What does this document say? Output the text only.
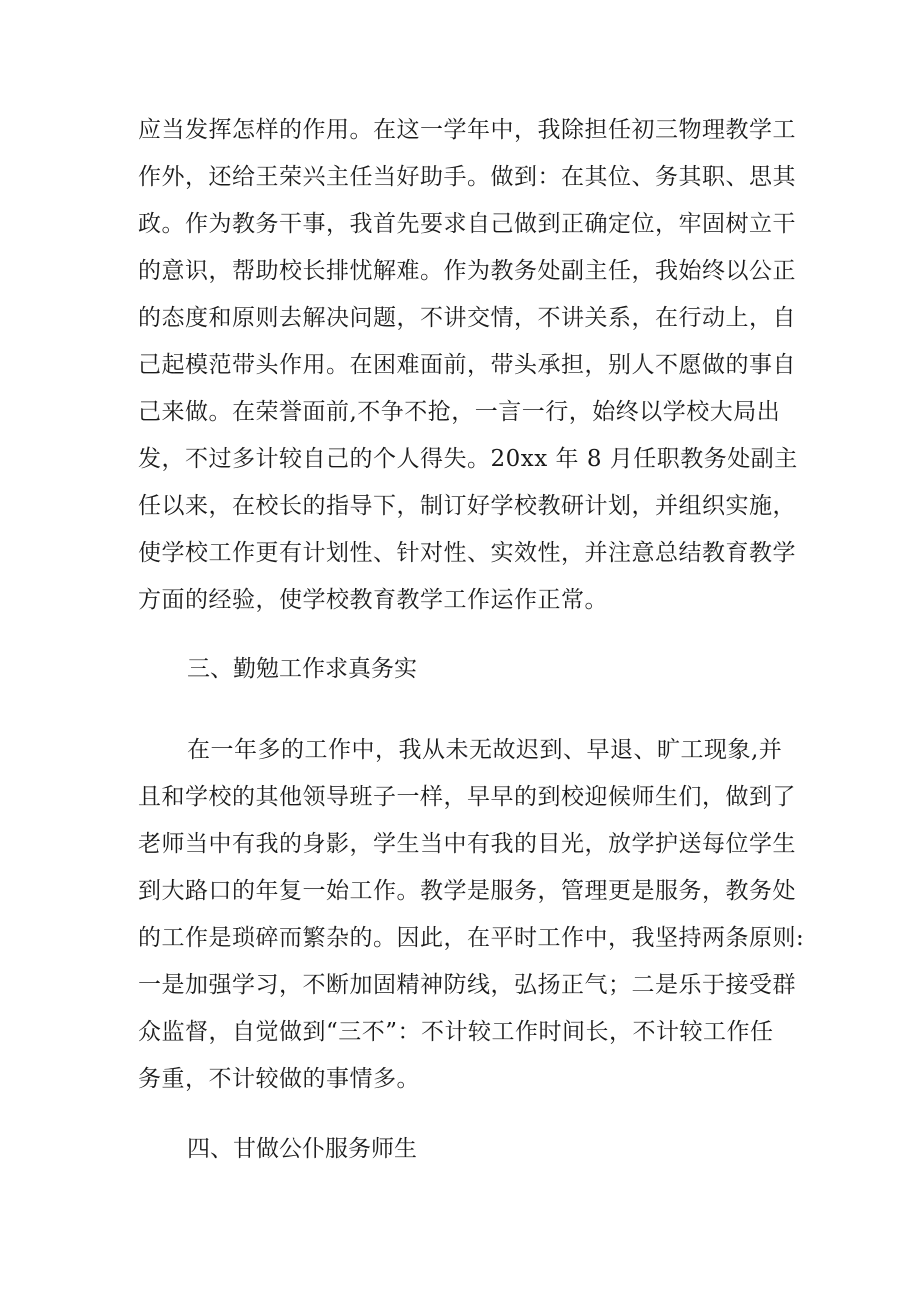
应当发挥怎样的作用。在这一学年中，我除担任初三物理教学工
作外，还给王荣兴主任当好助手。做到：在其位、务其职、思其
政。作为教务干事，我首先要求自己做到正确定位，牢固树立干
的意识，帮助校长排忧解难。作为教务处副主任，我始终以公正
的态度和原则去解决问题，不讲交情，不讲关系，在行动上，自
己起模范带头作用。在困难面前，带头承担，别人不愿做的事自
己来做。在荣誉面前,不争不抢，一言一行，始终以学校大局出
发，不过多计较自己的个人得失。20xx 年 8 月任职教务处副主
任以来，在校长的指导下，制订好学校教研计划，并组织实施，
使学校工作更有计划性、针对性、实效性，并注意总结教育教学
方面的经验，使学校教育教学工作运作正常。
三、勤勉工作求真务实
在一年多的工作中，我从未无故迟到、早退、旷工现象,并
且和学校的其他领导班子一样，早早的到校迎候师生们，做到了
老师当中有我的身影，学生当中有我的目光，放学护送每位学生
到大路口的年复一始工作。教学是服务，管理更是服务，教务处
的工作是琐碎而繁杂的。因此，在平时工作中，我坚持两条原则:
一是加强学习，不断加固精神防线，弘扬正气；二是乐于接受群
众监督，自觉做到“三不”：不计较工作时间长，不计较工作任
务重，不计较做的事情多。
四、甘做公仆服务师生
